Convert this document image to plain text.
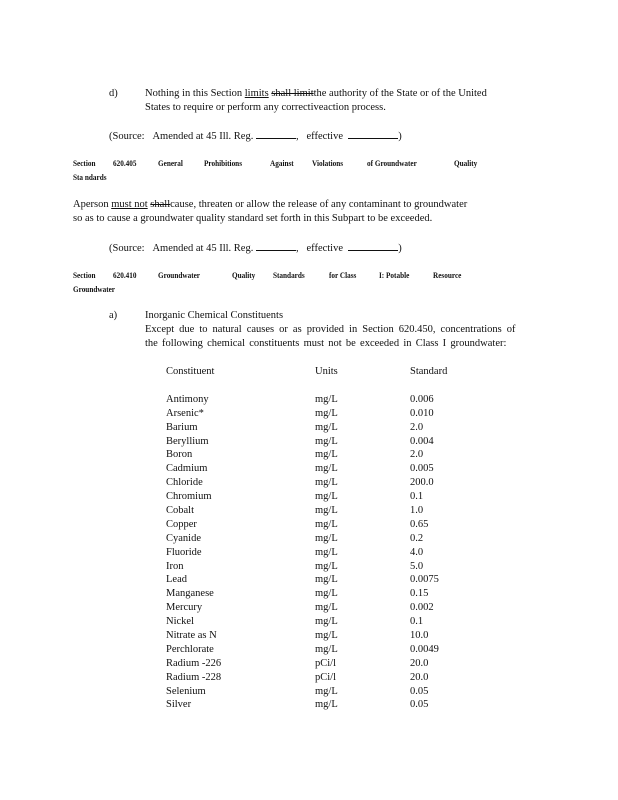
d)	Nothing in this Section limits shall limitthe authority of the State or of the United
States to require or perform any correctiveaction process.
(Source: Amended at 45 Ill. Reg.	, effective	)
Section 620.405	General Prohibitions	Against Violations	of Groundwater	Quality
Sta ndards
Aperson must not shallcause, threaten or allow the release of any contaminant to groundwater
so as to cause a groundwater quality standard set forth in this Subpart to be exceeded.
(Source: Amended at 45 Ill. Reg.	, effective	)
Section 620.410	Groundwater	Quality Standards	for Class	I: Potable	Resource
Groundwater
a)	Inorganic Chemical Constituents
Except due to natural causes or as provided in Section 620.450, concentrations of
the following chemical constituents must not be exceeded in Class I groundwater:
Constituent	Units	Standard
Antimony	mg/L	0.006
Arsenic*	mg/L	0.010
Barium	mg/L	2.0
Beryllium	mg/L	0.004
Boron	mg/L	2.0
Cadmium	mg/L	0.005
Chloride	mg/L	200.0
Chromium	mg/L	0.1
Cobalt	mg/L	1.0
Copper	mg/L	0.65
Cyanide	mg/L	0.2
Fluoride	mg/L	4.0
Iron	mg/L	5.0
Lead	mg/L	0.0075
Manganese	mg/L	0.15
Mercury	mg/L	0.002
Nickel	mg/L	0.1
Nitrate as N	mg/L	10.0
Perchlorate	mg/L	0.0049
Radium -226	pCi/l	20.0
Radium -228	pCi/l	20.0
Selenium	mg/L	0.05
Silver	mg/L	0.05
